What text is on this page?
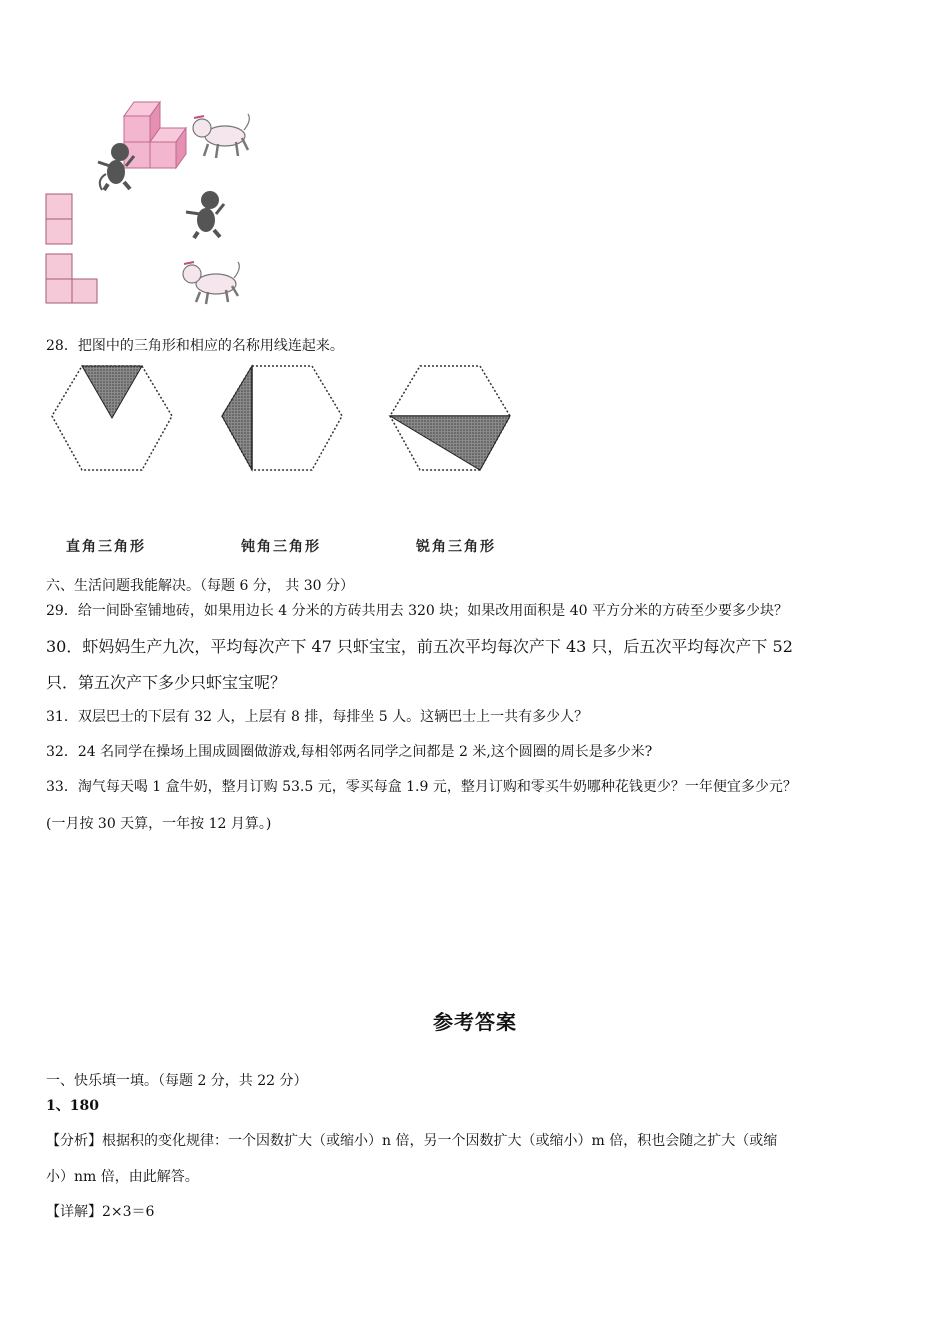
28．把图中的三角形和相应的名称用线连起来。
直角三角形	钝角三角形	锐角三角形
六、生活问题我能解决。（每题 6 分， 共 30 分）
29．给一间卧室铺地砖，如果用边长 4 分米的方砖共用去 320 块；如果改用面积是 40 平方分米的方砖至少要多少块？
30．虾妈妈生产九次，平均每次产下 47 只虾宝宝，前五次平均每次产下 43 只，后五次平均每次产下 52
只．第五次产下多少只虾宝宝呢？
31．双层巴士的下层有 32 人，上层有 8 排，每排坐 5 人。这辆巴士上一共有多少人？
32．24 名同学在操场上围成圆圈做游戏,每相邻两名同学之间都是 2 米,这个圆圈的周长是多少米?
33．淘气每天喝 1 盒牛奶，整月订购 53.5 元，零买每盒 1.9 元，整月订购和零买牛奶哪种花钱更少？一年便宜多少元？
(一月按 30 天算，一年按 12 月算。)
参考答案
一、快乐填一填。（每题 2 分，共 22 分）
1、180
【分析】根据积的变化规律：一个因数扩大（或缩小）n 倍，另一个因数扩大（或缩小）m 倍，积也会随之扩大（或缩
小）nm 倍，由此解答。
【详解】2×3＝6
